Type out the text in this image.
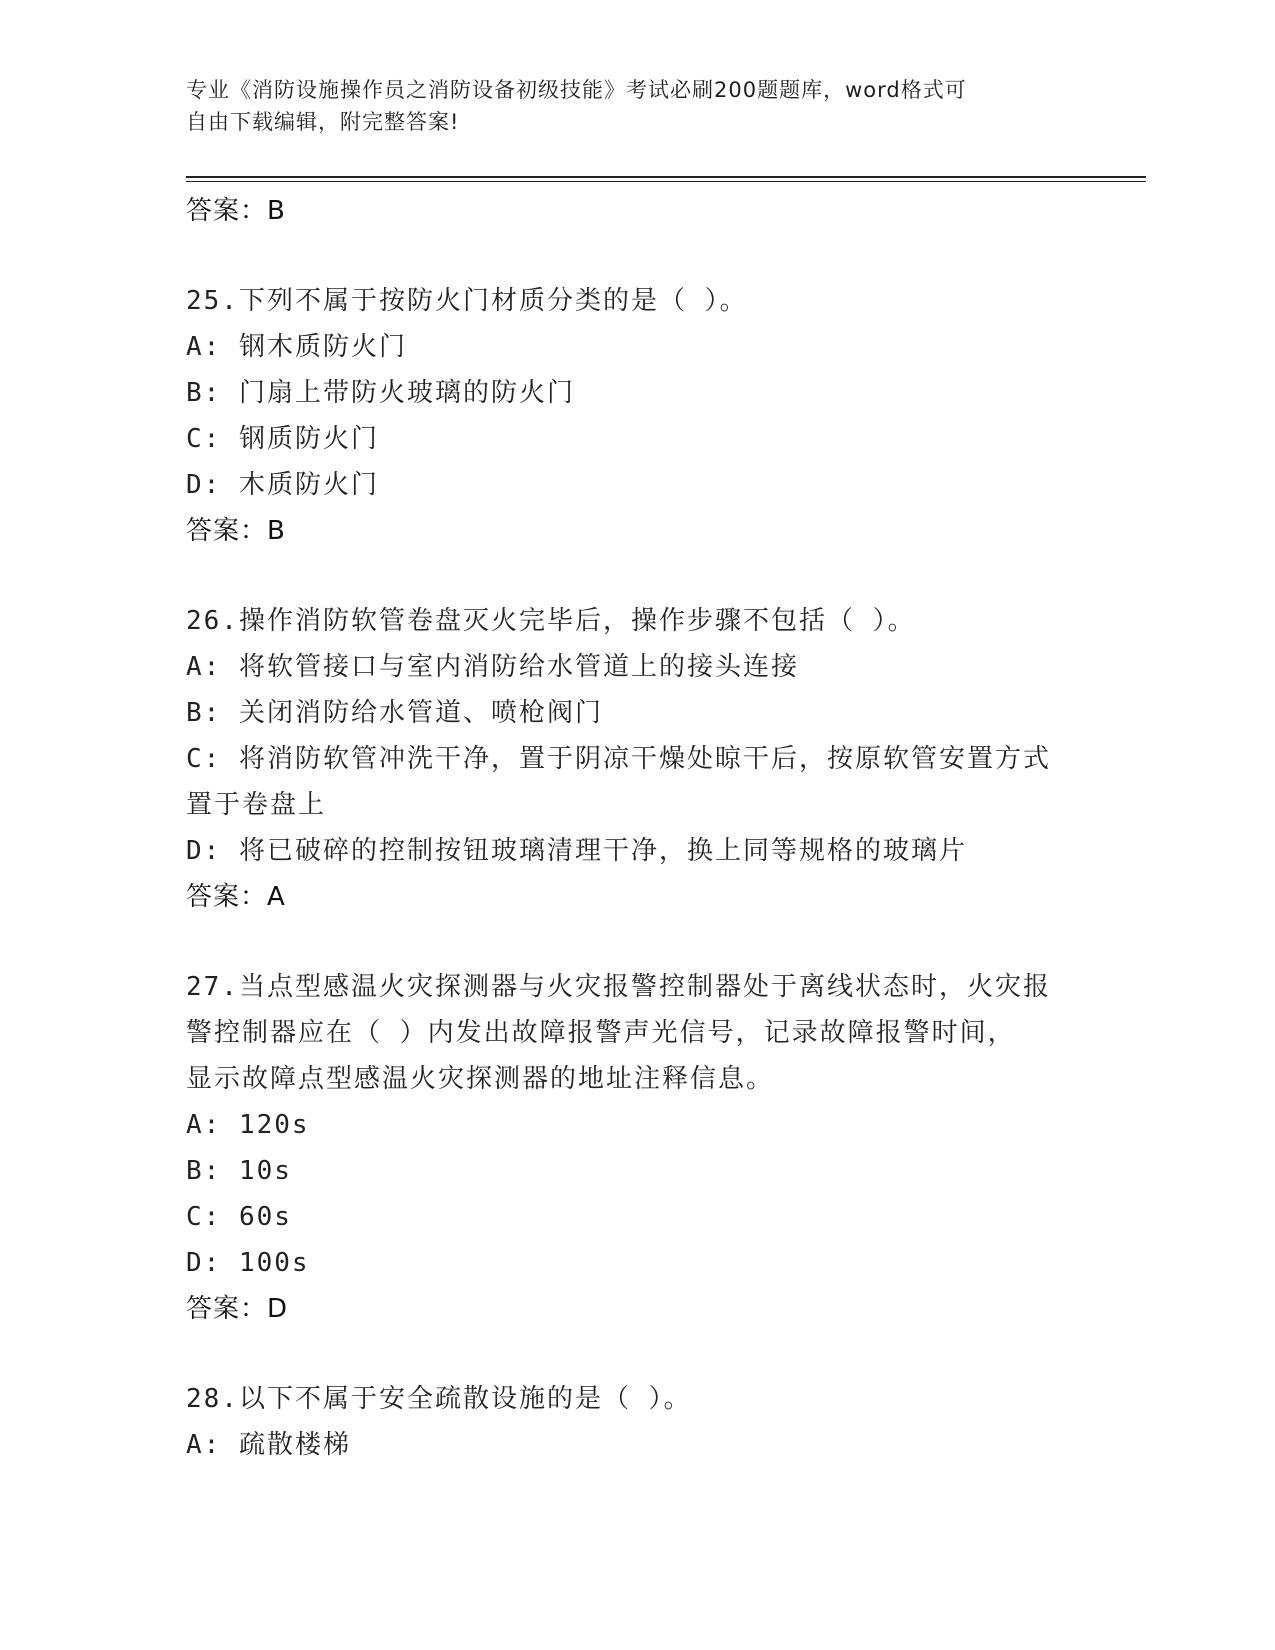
专业《消防设施操作员之消防设备初级技能》考试必刷200题题库，word格式可
自由下载编辑，附完整答案!
答案：B
25.下列不属于按防火门材质分类的是（ ）。
A: 钢木质防火门
B: 门扇上带防火玻璃的防火门
C: 钢质防火门
D: 木质防火门
答案：B
26.操作消防软管卷盘灭火完毕后，操作步骤不包括（ ）。
A: 将软管接口与室内消防给水管道上的接头连接
B: 关闭消防给水管道、喷枪阀门
C: 将消防软管冲洗干净，置于阴凉干燥处晾干后，按原软管安置方式
置于卷盘上
D: 将已破碎的控制按钮玻璃清理干净，换上同等规格的玻璃片
答案：A
27.当点型感温火灾探测器与火灾报警控制器处于离线状态时，火灾报
警控制器应在（ ）内发出故障报警声光信号，记录故障报警时间，
显示故障点型感温火灾探测器的地址注释信息。
A: 120s
B: 10s
C: 60s
D: 100s
答案：D
28.以下不属于安全疏散设施的是（ ）。
A: 疏散楼梯
